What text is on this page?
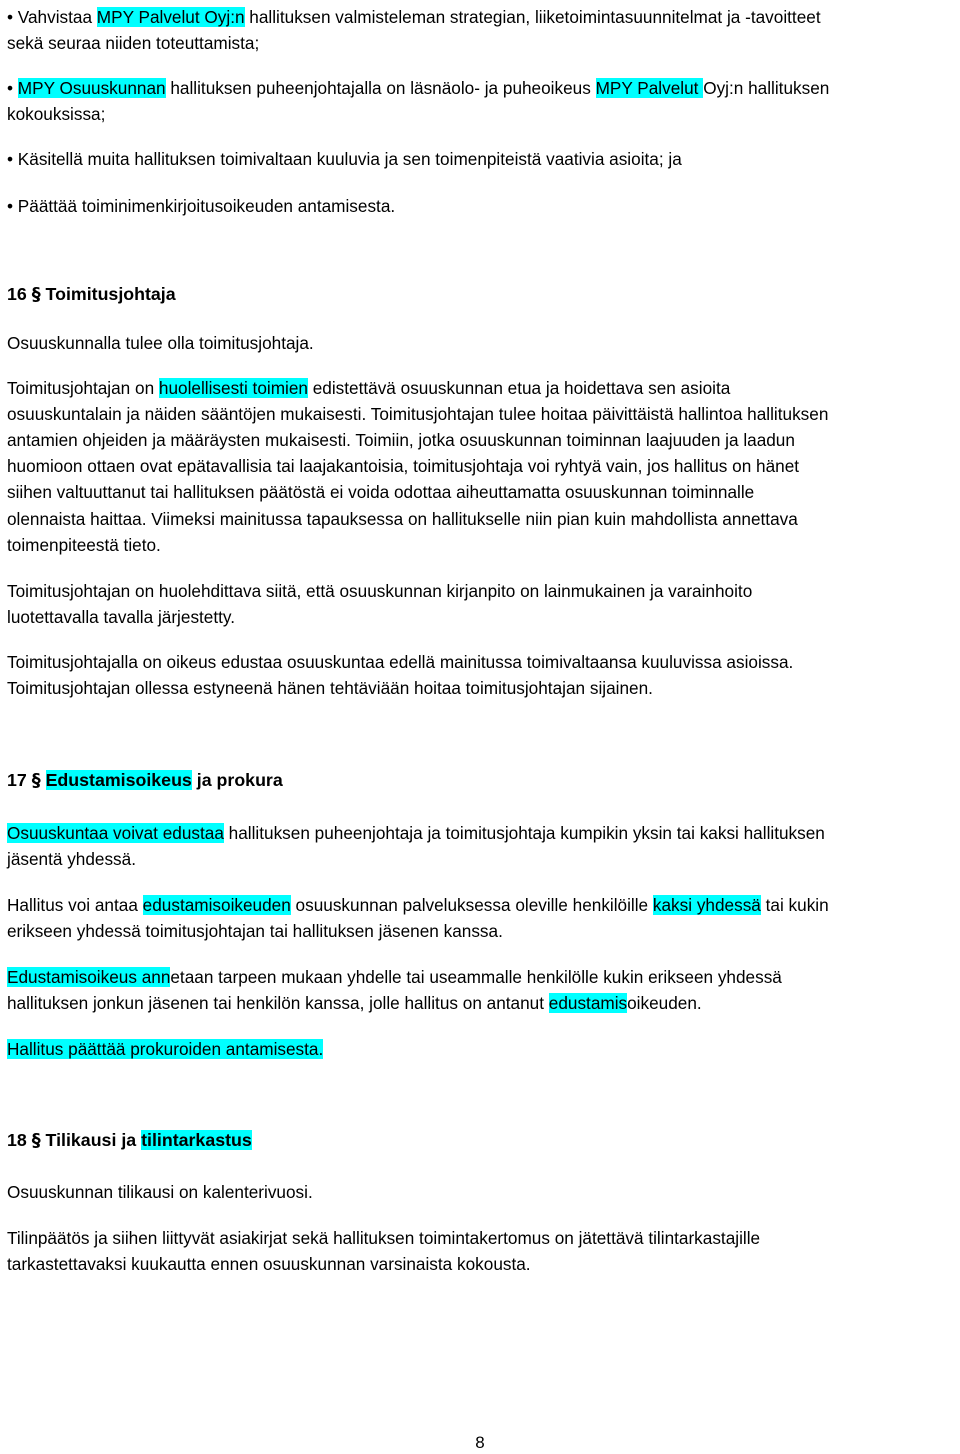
• Vahvistaa MPY Palvelut Oyj:n hallituksen valmisteleman strategian, liiketoimintasuunnitelmat ja -tavoitteet
sekä seuraa niiden toteuttamista;
• MPY Osuuskunnan hallituksen puheenjohtajalla on läsnäolo- ja puheoikeus MPY Palvelut Oyj:n hallituksen
kokouksissa;
• Käsitellä muita hallituksen toimivaltaan kuuluvia ja sen toimenpiteistä vaativia asioita; ja
• Päättää toiminimenkirjoitusoikeuden antamisesta.
16 § Toimitusjohtaja
Osuuskunnalla tulee olla toimitusjohtaja.
Toimitusjohtajan on huolellisesti toimien edistettävä osuuskunnan etua ja hoidettava sen asioita
osuuskuntalain ja näiden sääntöjen mukaisesti. Toimitusjohtajan tulee hoitaa päivittäistä hallintoa hallituksen
antamien ohjeiden ja määräysten mukaisesti. Toimiin, jotka osuuskunnan toiminnan laajuuden ja laadun
huomioon ottaen ovat epätavallisia tai laajakantoisia, toimitusjohtaja voi ryhtyä vain, jos hallitus on hänet
siihen valtuuttanut tai hallituksen päätöstä ei voida odottaa aiheuttamatta osuuskunnan toiminnalle
olennaista haittaa. Viimeksi mainitussa tapauksessa on hallitukselle niin pian kuin mahdollista annettava
toimenpiteestä tieto.
Toimitusjohtajan on huolehdittava siitä, että osuuskunnan kirjanpito on lainmukainen ja varainhoito
luotettavalla tavalla järjestetty.
Toimitusjohtajalla on oikeus edustaa osuuskuntaa edellä mainitussa toimivaltaansa kuuluvissa asioissa.
Toimitusjohtajan ollessa estyneenä hänen tehtäviään hoitaa toimitusjohtajan sijainen.
17 § Edustamisoikeus ja prokura
Osuuskuntaa voivat edustaa hallituksen puheenjohtaja ja toimitusjohtaja kumpikin yksin tai kaksi hallituksen
jäsentä yhdessä.
Hallitus voi antaa edustamisoikeuden osuuskunnan palveluksessa oleville henkilöille kaksi yhdessä tai kukin
erikseen yhdessä toimitusjohtajan tai hallituksen jäsenen kanssa.
Edustamisoikeus annetaan tarpeen mukaan yhdelle tai useammalle henkilölle kukin erikseen yhdessä
hallituksen jonkun jäsenen tai henkilön kanssa, jolle hallitus on antanut edustamisoikeuden.
Hallitus päättää prokuroiden antamisesta.
18 § Tilikausi ja tilintarkastus
Osuuskunnan tilikausi on kalenterivuosi.
Tilinpäätös ja siihen liittyvät asiakirjat sekä hallituksen toimintakertomus on jätettävä tilintarkastajille
tarkastettavaksi kuukautta ennen osuuskunnan varsinaista kokousta.
8
